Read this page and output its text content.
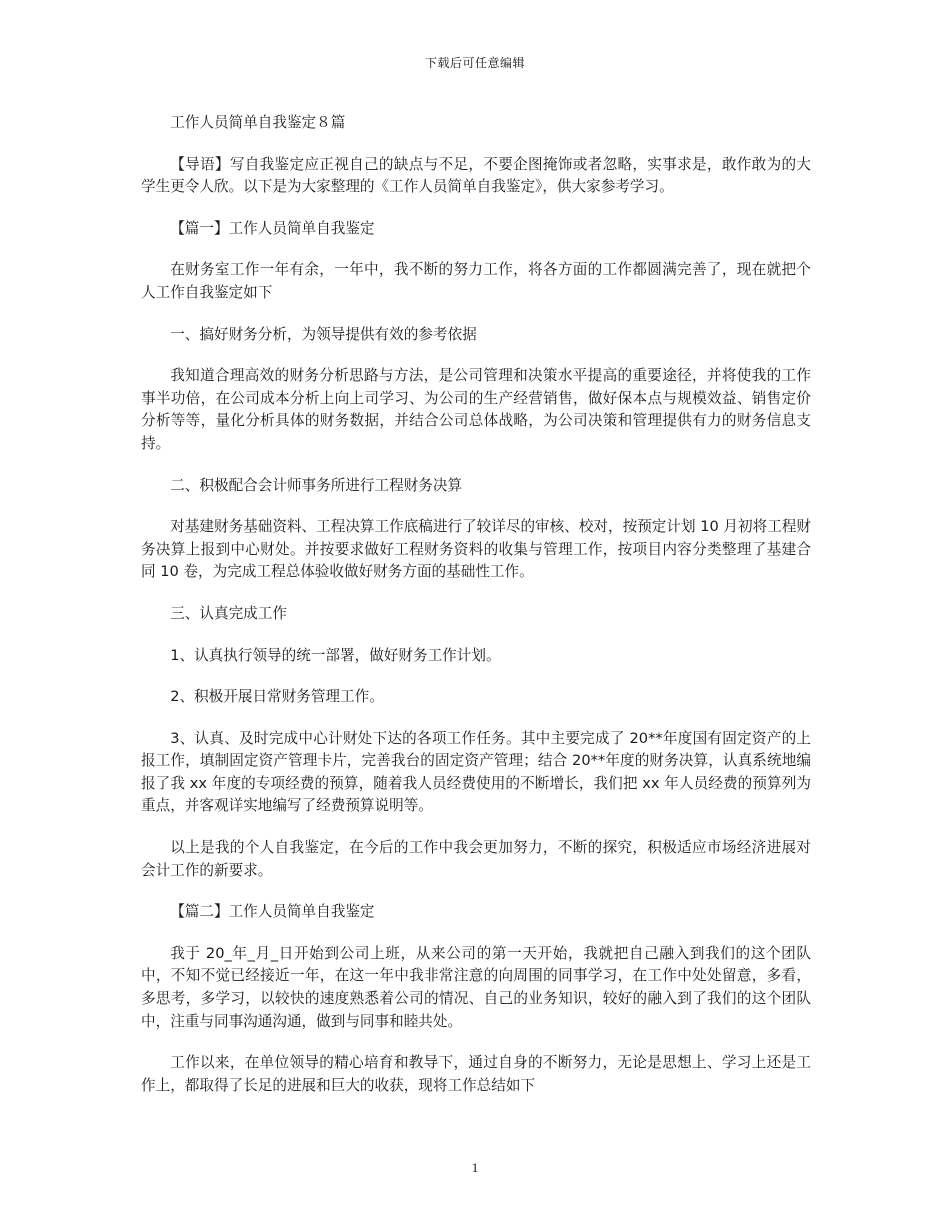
下载后可任意编辑

工作人员简单自我鉴定８篇

【导语】写自我鉴定应正视自己的缺点与不足，不要企图掩饰或者忽略，实事求是，敢作敢为的大学生更令人欣。以下是为大家整理的《工作人员简单自我鉴定》，供大家参考学习。

【篇一】工作人员简单自我鉴定

在财务室工作一年有余，一年中，我不断的努力工作，将各方面的工作都圆满完善了，现在就把个人工作自我鉴定如下

一、搞好财务分析，为领导提供有效的参考依据

我知道合理高效的财务分析思路与方法，是公司管理和决策水平提高的重要途径，并将使我的工作事半功倍，在公司成本分析上向上司学习、为公司的生产经营销售，做好保本点与规模效益、销售定价分析等等，量化分析具体的财务数据，并结合公司总体战略，为公司决策和管理提供有力的财务信息支持。

二、积极配合会计师事务所进行工程财务决算

对基建财务基础资料、工程决算工作底稿进行了较详尽的审核、校对，按预定计划 10 月初将工程财务决算上报到中心财处。并按要求做好工程财务资料的收集与管理工作，按项目内容分类整理了基建合同 10 卷，为完成工程总体验收做好财务方面的基础性工作。

三、认真完成工作

1、认真执行领导的统一部署，做好财务工作计划。

2、积极开展日常财务管理工作。

3、认真、及时完成中心计财处下达的各项工作任务。其中主要完成了 20**年度国有固定资产的上报工作，填制固定资产管理卡片，完善我台的固定资产管理；结合 20**年度的财务决算，认真系统地编报了我 xx 年度的专项经费的预算，随着我人员经费使用的不断增长，我们把 xx 年人员经费的预算列为重点，并客观详实地编写了经费预算说明等。

以上是我的个人自我鉴定，在今后的工作中我会更加努力，不断的探究，积极适应市场经济进展对会计工作的新要求。

【篇二】工作人员简单自我鉴定

我于 20_年_月_日开始到公司上班，从来公司的第一天开始，我就把自己融入到我们的这个团队中，不知不觉已经接近一年，在这一年中我非常注意的向周围的同事学习，在工作中处处留意，多看，多思考，多学习，以较快的速度熟悉着公司的情况、自己的业务知识，较好的融入到了我们的这个团队中，注重与同事沟通沟通，做到与同事和睦共处。

工作以来，在单位领导的精心培育和教导下，通过自身的不断努力，无论是思想上、学习上还是工作上，都取得了长足的进展和巨大的收获，现将工作总结如下

1
